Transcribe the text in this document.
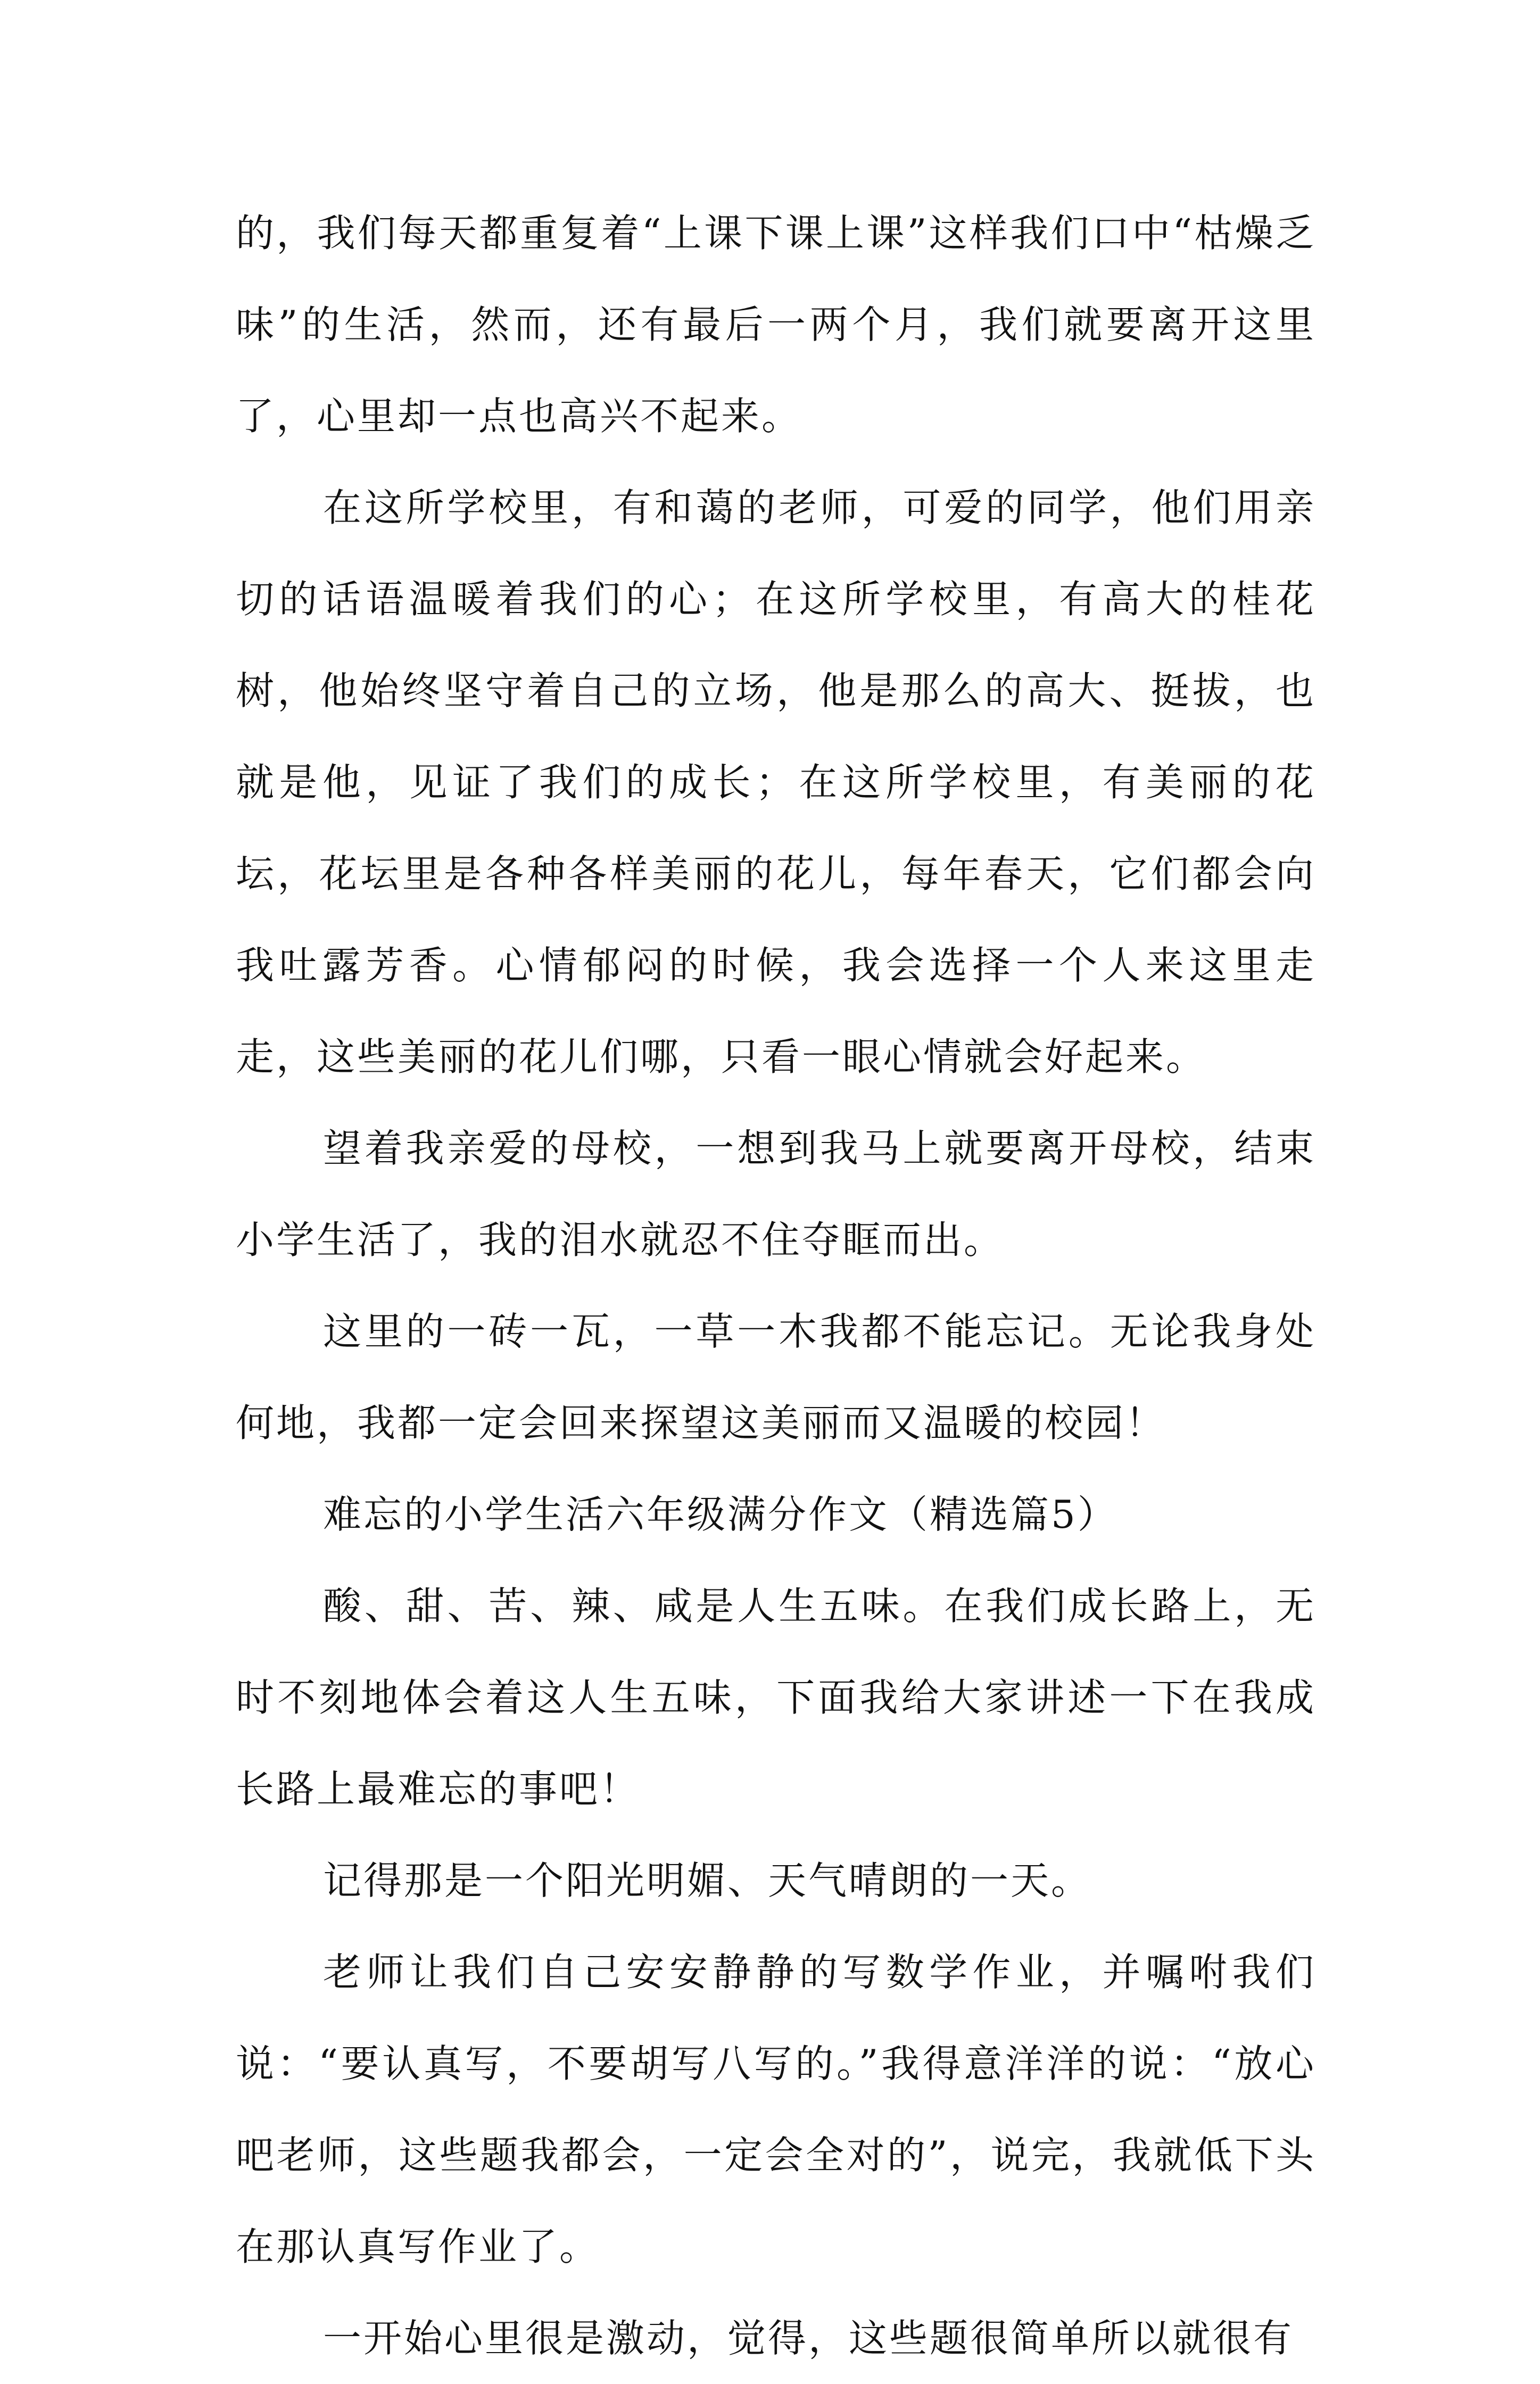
的，我们每天都重复着“上课下课上课”这样我们口中“枯燥乏味”的生活，然而，还有最后一两个月，我们就要离开这里了，心里却一点也高兴不起来。

在这所学校里，有和蔼的老师，可爱的同学，他们用亲切的话语温暖着我们的心；在这所学校里，有高大的桂花树，他始终坚守着自己的立场，他是那么的高大、挺拔，也就是他，见证了我们的成长；在这所学校里，有美丽的花坛，花坛里是各种各样美丽的花儿，每年春天，它们都会向我吐露芳香。心情郁闷的时候，我会选择一个人来这里走走，这些美丽的花儿们哪，只看一眼心情就会好起来。

望着我亲爱的母校，一想到我马上就要离开母校，结束小学生活了，我的泪水就忍不住夺眶而出。

这里的一砖一瓦，一草一木我都不能忘记。无论我身处何地，我都一定会回来探望这美丽而又温暖的校园！

难忘的小学生活六年级满分作文（精选篇5）

酸、甜、苦、辣、咸是人生五味。在我们成长路上，无时不刻地体会着这人生五味，下面我给大家讲述一下在我成长路上最难忘的事吧！

记得那是一个阳光明媚、天气晴朗的一天。

老师让我们自己安安静静的写数学作业，并嘱咐我们说：“要认真写，不要胡写八写的。”我得意洋洋的说：“放心吧老师，这些题我都会，一定会全对的”，说完，我就低下头在那认真写作业了。

一开始心里很是激动，觉得，这些题很简单所以就很有
